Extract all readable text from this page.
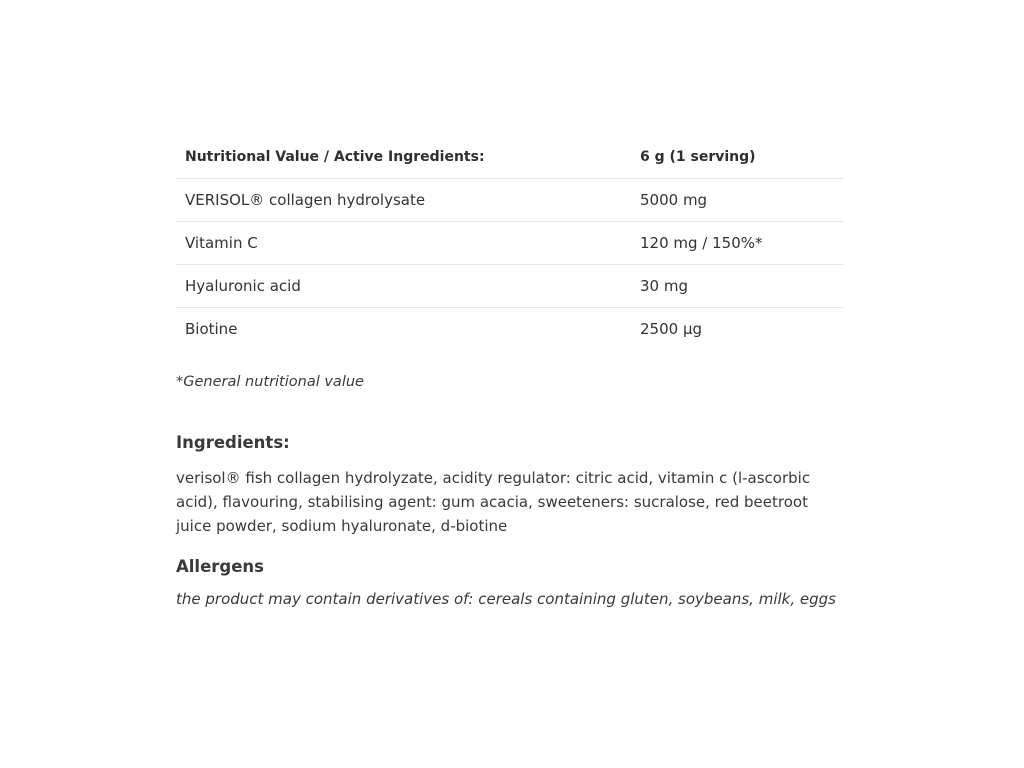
Nutritional Value / Active Ingredients:	6 g (1 serving)
VERISOL® collagen hydrolysate	5000 mg
Vitamin C	120 mg / 150%*
Hyaluronic acid	30 mg
Biotine	2500 μg
*General nutritional value
Ingredients:
verisol® fish collagen hydrolyzate, acidity regulator: citric acid, vitamin c (l-ascorbic acid), flavouring, stabilising agent: gum acacia, sweeteners: sucralose, red beetroot juice powder, sodium hyaluronate, d-biotine
Allergens
the product may contain derivatives of: cereals containing gluten, soybeans, milk, eggs
